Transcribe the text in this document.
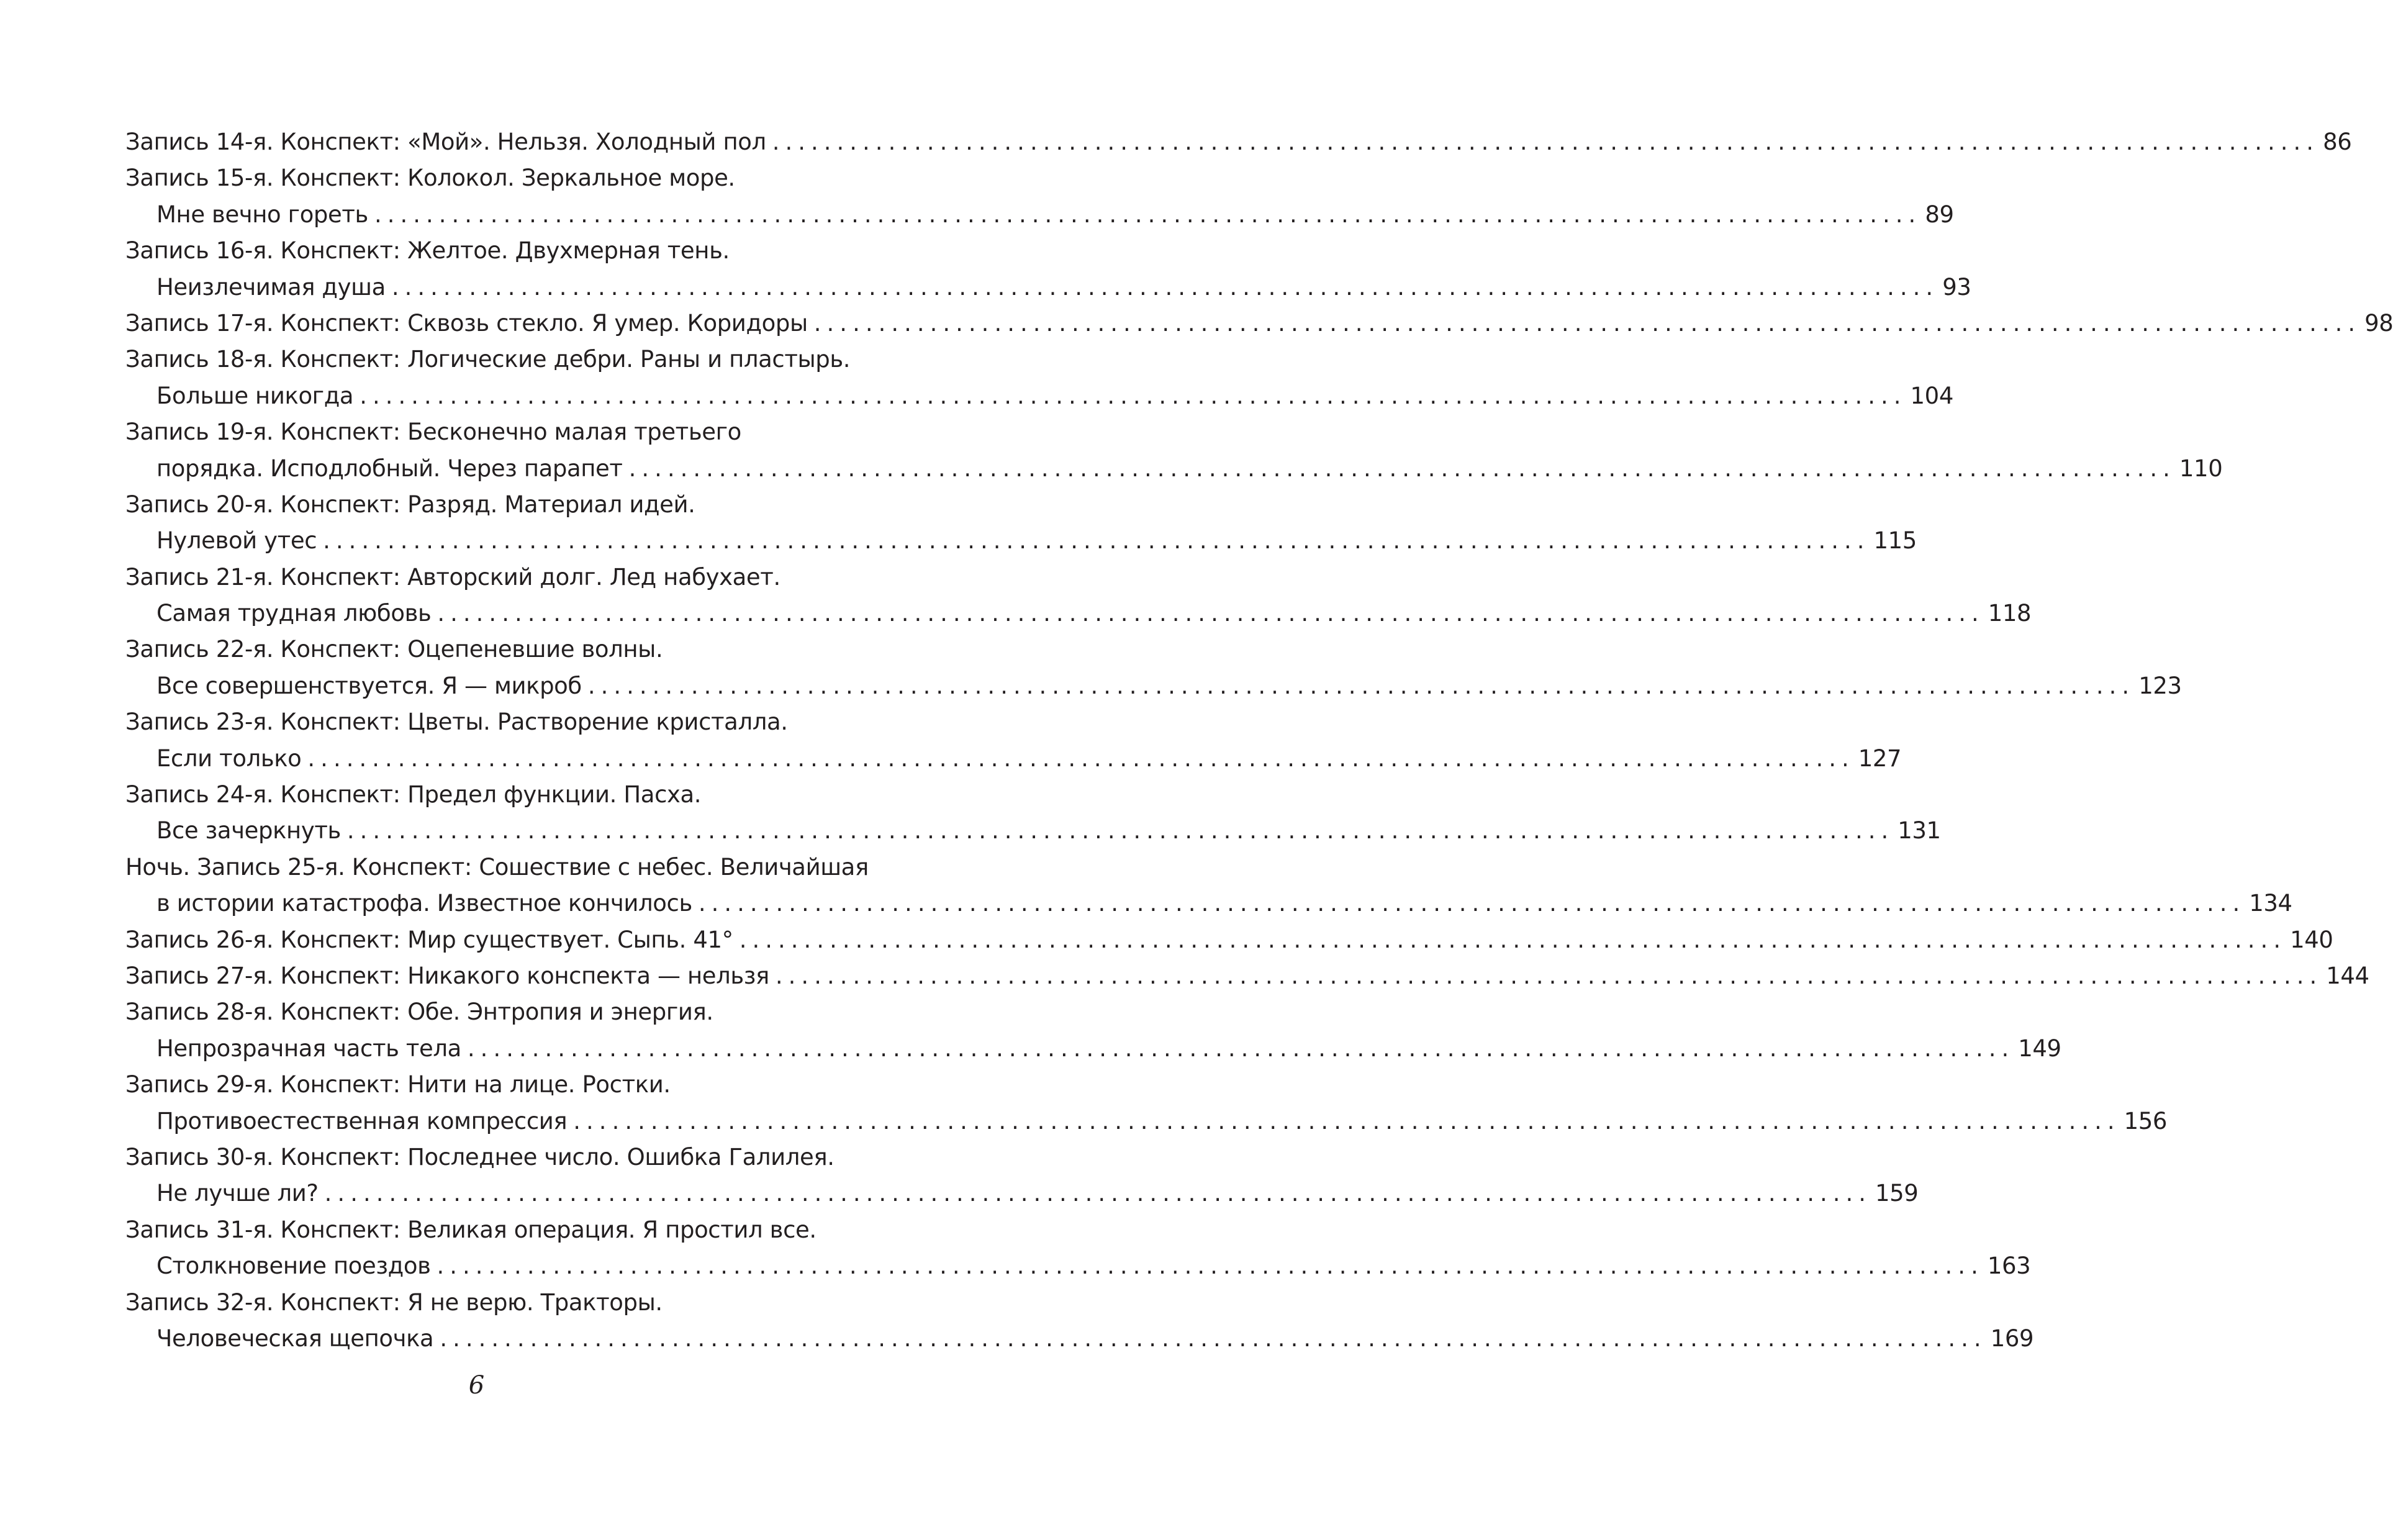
Запись 14-я. Конспект: «Мой». Нельзя. Холодный пол ........................................................................................................................ 86
Запись 15-я. Конспект: Колокол. Зеркальное море.
Мне вечно гореть ........................................................................................................................ 89
Запись 16-я. Конспект: Желтое. Двухмерная тень.
Неизлечимая душа ........................................................................................................................ 93
Запись 17-я. Конспект: Сквозь стекло. Я умер. Коридоры ........................................................................................................................ 98
Запись 18-я. Конспект: Логические дебри. Раны и пластырь.
Больше никогда ........................................................................................................................ 104
Запись 19-я. Конспект: Бесконечно малая третьего
порядка. Исподлобный. Через парапет ........................................................................................................................ 110
Запись 20-я. Конспект: Разряд. Материал идей.
Нулевой утес ........................................................................................................................ 115
Запись 21-я. Конспект: Авторский долг. Лед набухает.
Самая трудная любовь ........................................................................................................................ 118
Запись 22-я. Конспект: Оцепеневшие волны.
Все совершенствуется. Я — микроб ........................................................................................................................ 123
Запись 23-я. Конспект: Цветы. Растворение кристалла.
Если только ........................................................................................................................ 127
Запись 24-я. Конспект: Предел функции. Пасха.
Все зачеркнуть ........................................................................................................................ 131
Ночь. Запись 25-я. Конспект: Сошествие с небес. Величайшая
в истории катастрофа. Известное кончилось ........................................................................................................................ 134
Запись 26-я. Конспект: Мир существует. Сыпь. 41° ........................................................................................................................ 140
Запись 27-я. Конспект: Никакого конспекта — нельзя ........................................................................................................................ 144
Запись 28-я. Конспект: Обе. Энтропия и энергия.
Непрозрачная часть тела ........................................................................................................................ 149
Запись 29-я. Конспект: Нити на лице. Ростки.
Противоестественная компрессия ........................................................................................................................ 156
Запись 30-я. Конспект: Последнее число. Ошибка Галилея.
Не лучше ли? ........................................................................................................................ 159
Запись 31-я. Конспект: Великая операция. Я простил все.
Столкновение поездов ........................................................................................................................ 163
Запись 32-я. Конспект: Я не верю. Тракторы.
Человеческая щепочка ........................................................................................................................ 169
6
